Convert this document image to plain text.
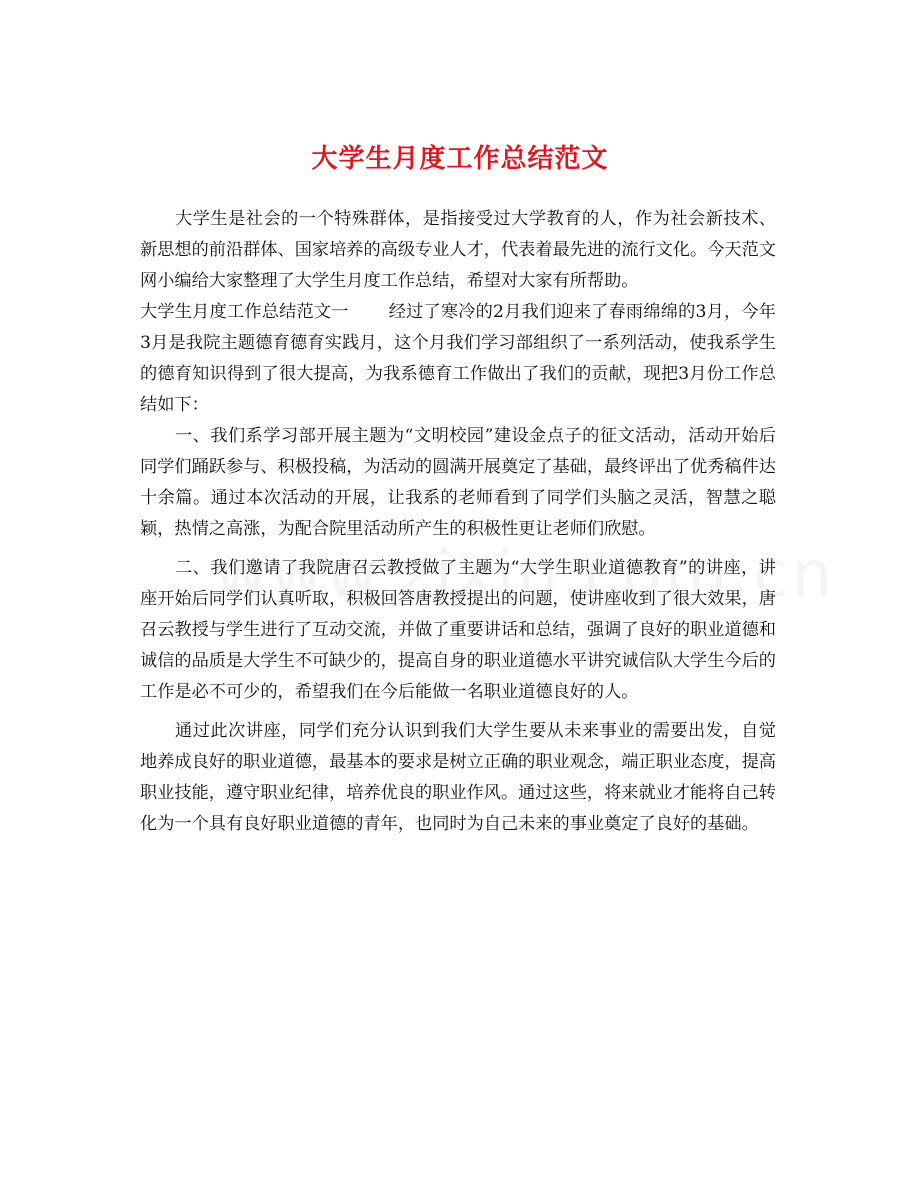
大学生月度工作总结范文

大学生是社会的一个特殊群体，是指接受过大学教育的人，作为社会新技术、新思想的前沿群体、国家培养的高级专业人才，代表着最先进的流行文化。今天范文网小编给大家整理了大学生月度工作总结，希望对大家有所帮助。

大学生月度工作总结范文一 经过了寒冷的2月我们迎来了春雨绵绵的3月，今年3月是我院主题德育德育实践月，这个月我们学习部组织了一系列活动，使我系学生的德育知识得到了很大提高，为我系德育工作做出了我们的贡献，现把3月份工作总结如下：

一、我们系学习部开展主题为“文明校园”建设金点子的征文活动，活动开始后同学们踊跃参与、积极投稿，为活动的圆满开展奠定了基础，最终评出了优秀稿件达十余篇。通过本次活动的开展，让我系的老师看到了同学们头脑之灵活，智慧之聪颖，热情之高涨，为配合院里活动所产生的积极性更让老师们欣慰。

二、我们邀请了我院唐召云教授做了主题为“大学生职业道德教育”的讲座，讲座开始后同学们认真听取，积极回答唐教授提出的问题，使讲座收到了很大效果，唐召云教授与学生进行了互动交流，并做了重要讲话和总结，强调了良好的职业道德和诚信的品质是大学生不可缺少的，提高自身的职业道德水平讲究诚信队大学生今后的工作是必不可少的，希望我们在今后能做一名职业道德良好的人。

通过此次讲座，同学们充分认识到我们大学生要从未来事业的需要出发，自觉地养成良好的职业道德，最基本的要求是树立正确的职业观念，端正职业态度，提高职业技能，遵守职业纪律，培养优良的职业作风。通过这些，将来就业才能将自己转化为一个具有良好职业道德的青年，也同时为自己未来的事业奠定了良好的基础。
